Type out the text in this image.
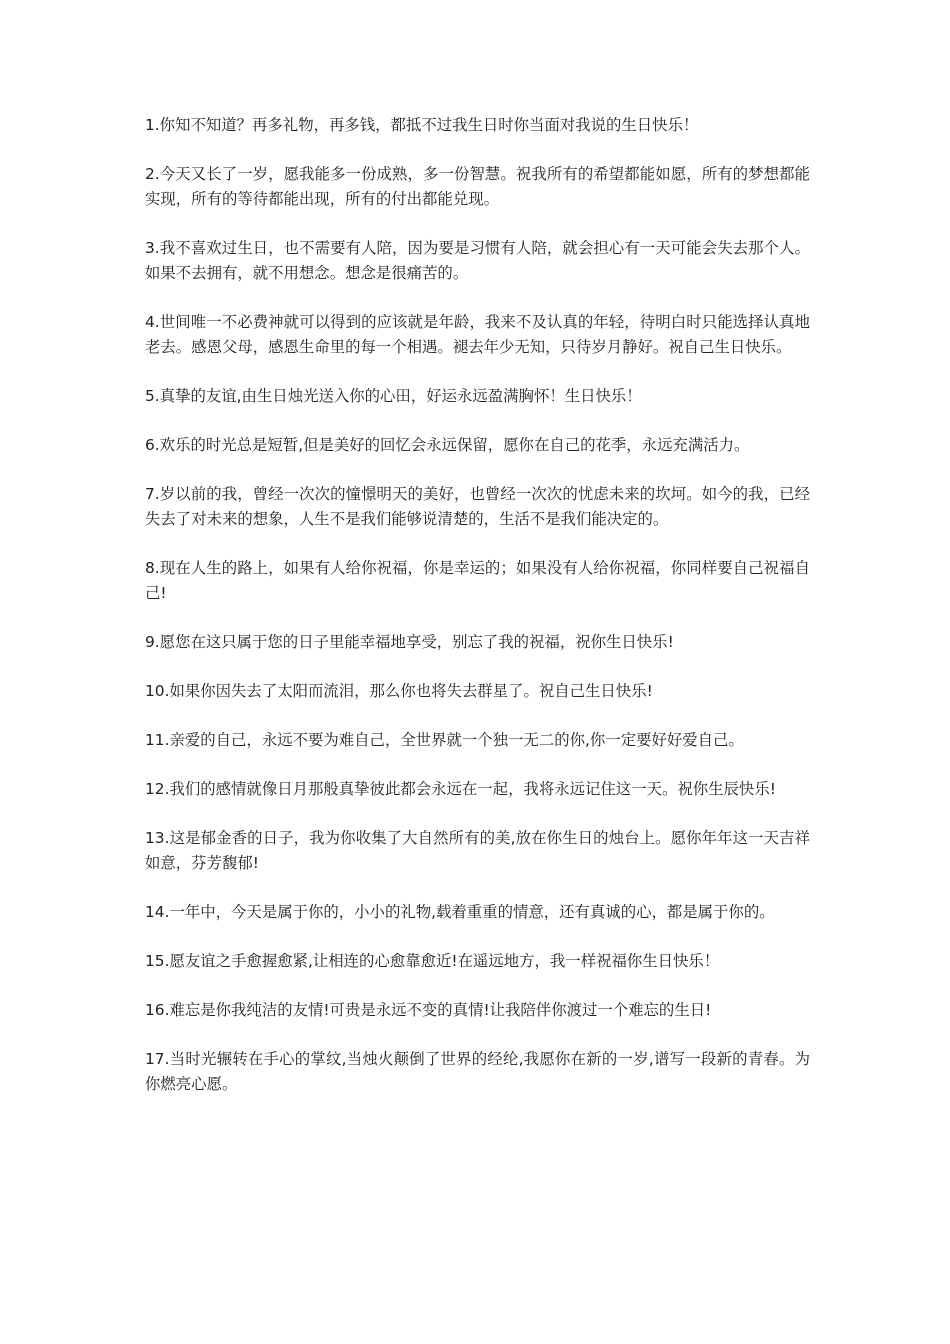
1.你知不知道？再多礼物，再多钱，都抵不过我生日时你当面对我说的生日快乐！

2.今天又长了一岁，愿我能多一份成熟，多一份智慧。祝我所有的希望都能如愿，所有的梦想都能实现，所有的等待都能出现，所有的付出都能兑现。

3.我不喜欢过生日，也不需要有人陪，因为要是习惯有人陪，就会担心有一天可能会失去那个人。如果不去拥有，就不用想念。想念是很痛苦的。

4.世间唯一不必费神就可以得到的应该就是年龄，我来不及认真的年轻，待明白时只能选择认真地老去。感恩父母，感恩生命里的每一个相遇。褪去年少无知，只待岁月静好。祝自己生日快乐。

5.真挚的友谊,由生日烛光送入你的心田，好运永远盈满胸怀！生日快乐！

6.欢乐的时光总是短暂,但是美好的回忆会永远保留，愿你在自己的花季，永远充满活力。

7.岁以前的我，曾经一次次的憧憬明天的美好，也曾经一次次的忧虑未来的坎坷。如今的我，已经失去了对未来的想象，人生不是我们能够说清楚的，生活不是我们能决定的。

8.现在人生的路上，如果有人给你祝福，你是幸运的；如果没有人给你祝福，你同样要自己祝福自己!

9.愿您在这只属于您的日子里能幸福地享受，别忘了我的祝福，祝你生日快乐!

10.如果你因失去了太阳而流泪，那么你也将失去群星了。祝自己生日快乐!

11.亲爱的自己，永远不要为难自己，全世界就一个独一无二的你,你一定要好好爱自己。

12.我们的感情就像日月那般真挚彼此都会永远在一起，我将永远记住这一天。祝你生辰快乐!

13.这是郁金香的日子，我为你收集了大自然所有的美,放在你生日的烛台上。愿你年年这一天吉祥如意，芬芳馥郁!

14.一年中，今天是属于你的，小小的礼物,载着重重的情意，还有真诚的心，都是属于你的。

15.愿友谊之手愈握愈紧,让相连的心愈靠愈近!在遥远地方，我一样祝福你生日快乐！

16.难忘是你我纯洁的友情!可贵是永远不变的真情!让我陪伴你渡过一个难忘的生日!

17.当时光辗转在手心的掌纹,当烛火颠倒了世界的经纶,我愿你在新的一岁,谱写一段新的青春。为你燃亮心愿。
